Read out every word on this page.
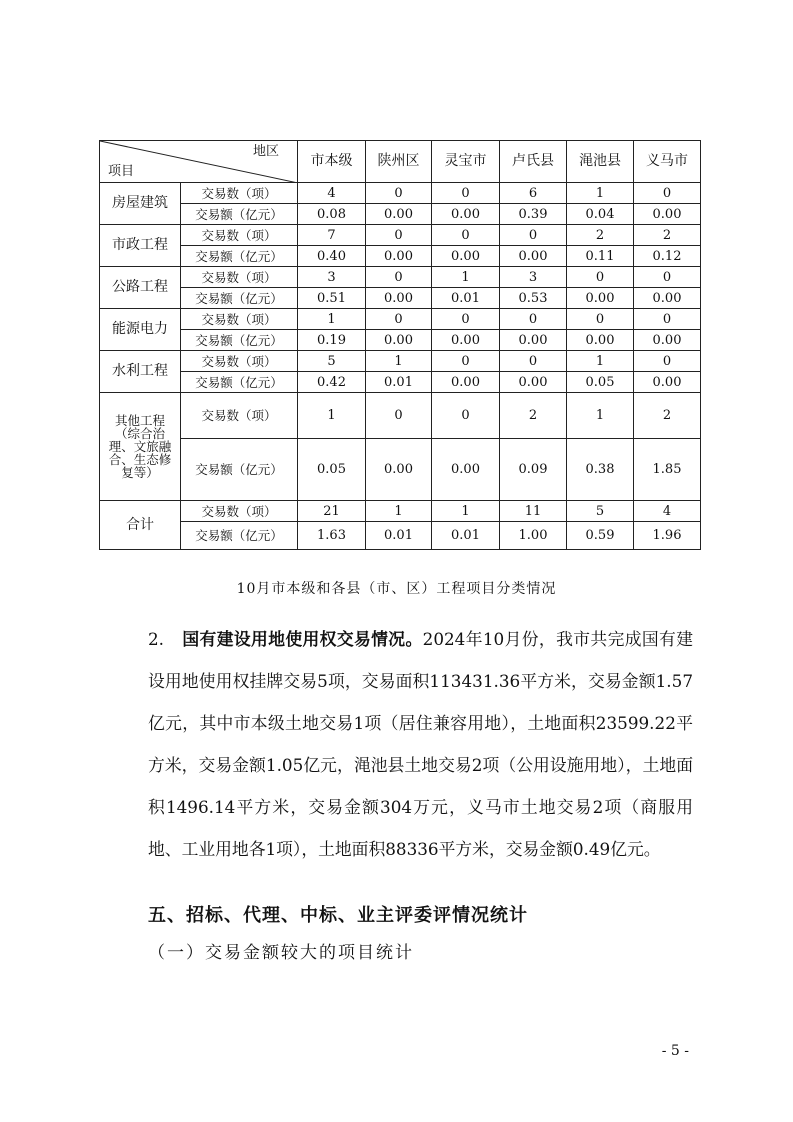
地区
项目		市本级	陕州区	灵宝市	卢氏县	渑池县	义马市
房屋建筑	交易数（项）	4	0	0	6	1	0
	交易额（亿元）	0.08	0.00	0.00	0.39	0.04	0.00
市政工程	交易数（项）	7	0	0	0	2	2
	交易额（亿元）	0.40	0.00	0.00	0.00	0.11	0.12
公路工程	交易数（项）	3	0	1	3	0	0
	交易额（亿元）	0.51	0.00	0.01	0.53	0.00	0.00
能源电力	交易数（项）	1	0	0	0	0	0
	交易额（亿元）	0.19	0.00	0.00	0.00	0.00	0.00
水利工程	交易数（项）	5	1	0	0	1	0
	交易额（亿元）	0.42	0.01	0.00	0.00	0.05	0.00
其他工程（综合治理、文旅融合、生态修复等）	交易数（项）	1	0	0	2	1	2
	交易额（亿元）	0.05	0.00	0.00	0.09	0.38	1.85
合计	交易数（项）	21	1	1	11	5	4
	交易额（亿元）	1.63	0.01	0.01	1.00	0.59	1.96
10月市本级和各县（市、区）工程项目分类情况
2. 国有建设用地使用权交易情况。2024年10月份，我市共完成国有建设用地使用权挂牌交易5项，交易面积113431.36平方米，交易金额1.57亿元，其中市本级土地交易1项（居住兼容用地），土地面积23599.22平方米，交易金额1.05亿元，渑池县土地交易2项（公用设施用地），土地面积1496.14平方米，交易金额304万元，义马市土地交易2项（商服用地、工业用地各1项），土地面积88336平方米，交易金额0.49亿元。
五、招标、代理、中标、业主评委评情况统计
（一）交易金额较大的项目统计
- 5 -
